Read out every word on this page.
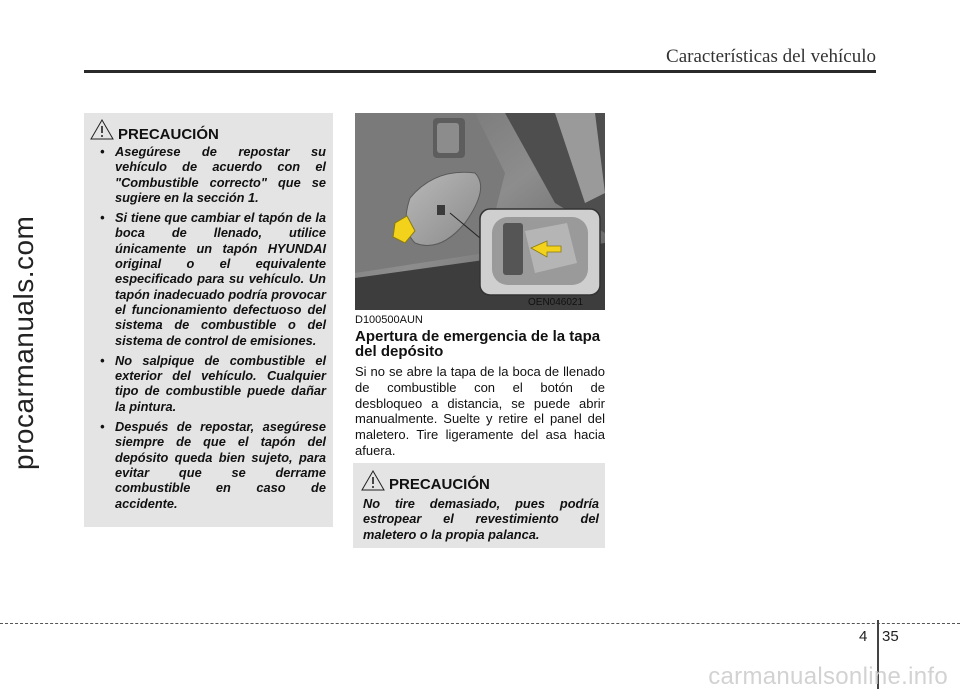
Características del vehículo
procarmanuals.com
PRECAUCIÓN
• Asegúrese de repostar su vehículo de acuerdo con el "Combustible correcto" que se sugiere en la sección 1.
• Si tiene que cambiar el tapón de la boca de llenado, utilice únicamente un tapón HYUNDAI original o el equivalente especificado para su vehículo. Un tapón inadecuado podría provocar el funcionamiento defectuoso del sistema de combustible o del sistema de control de emisiones.
• No salpique de combustible el exterior del vehículo. Cualquier tipo de combustible puede dañar la pintura.
• Después de repostar, asegúrese siempre de que el tapón del depósito queda bien sujeto, para evitar que se derrame combustible en caso de accidente.
OEN046021
D100500AUN
Apertura de emergencia de la tapa del depósito

Si no se abre la tapa de la boca de llenado de combustible con el botón de desbloqueo a distancia, se puede abrir manualmente. Suelte y retire el panel del maletero. Tire ligeramente del asa hacia afuera.

PRECAUCIÓN

No tire demasiado, pues podría estropear el revestimiento del maletero o la propia palanca.

4 35
carmanualsonline.info
